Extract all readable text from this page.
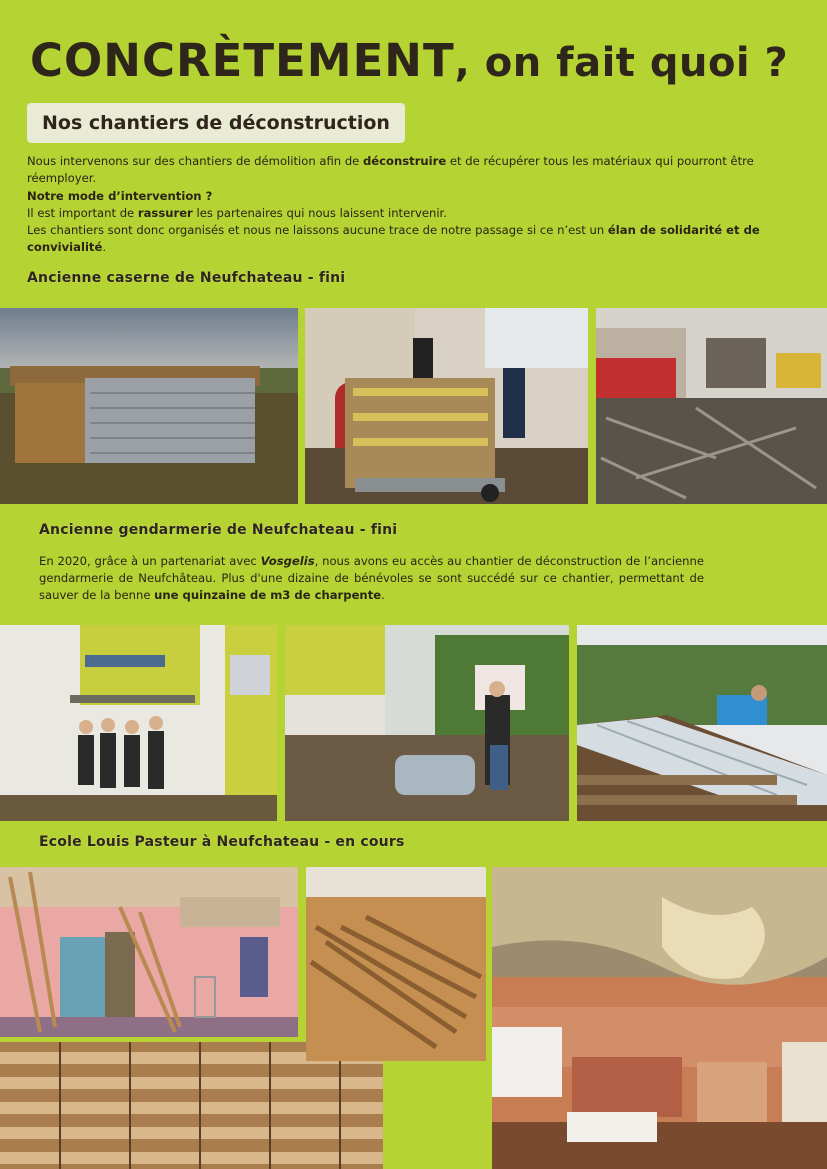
CONCRÈTEMENT, on fait quoi ?
Nos chantiers de déconstruction
Nous intervenons sur des chantiers de démolition afin de déconstruire et de récupérer tous les matériaux qui pourront être réemployer.
Notre mode d’intervention ?
Il est important de rassurer les partenaires qui nous laissent intervenir.
Les chantiers sont donc organisés et nous ne laissons aucune trace de notre passage si ce n’est un élan de solidarité et de convivialité.
Ancienne caserne de Neufchateau - fini
Ancienne gendarmerie de Neufchateau - fini
En 2020, grâce à un partenariat avec Vosgelis, nous avons eu accès au chantier de déconstruction de l’ancienne gendarmerie de Neufchâteau. Plus d'une dizaine de bénévoles se sont succédé sur ce chantier, permettant de sauver de la benne une quinzaine de m3 de charpente.
Ecole Louis Pasteur à Neufchateau - en cours
